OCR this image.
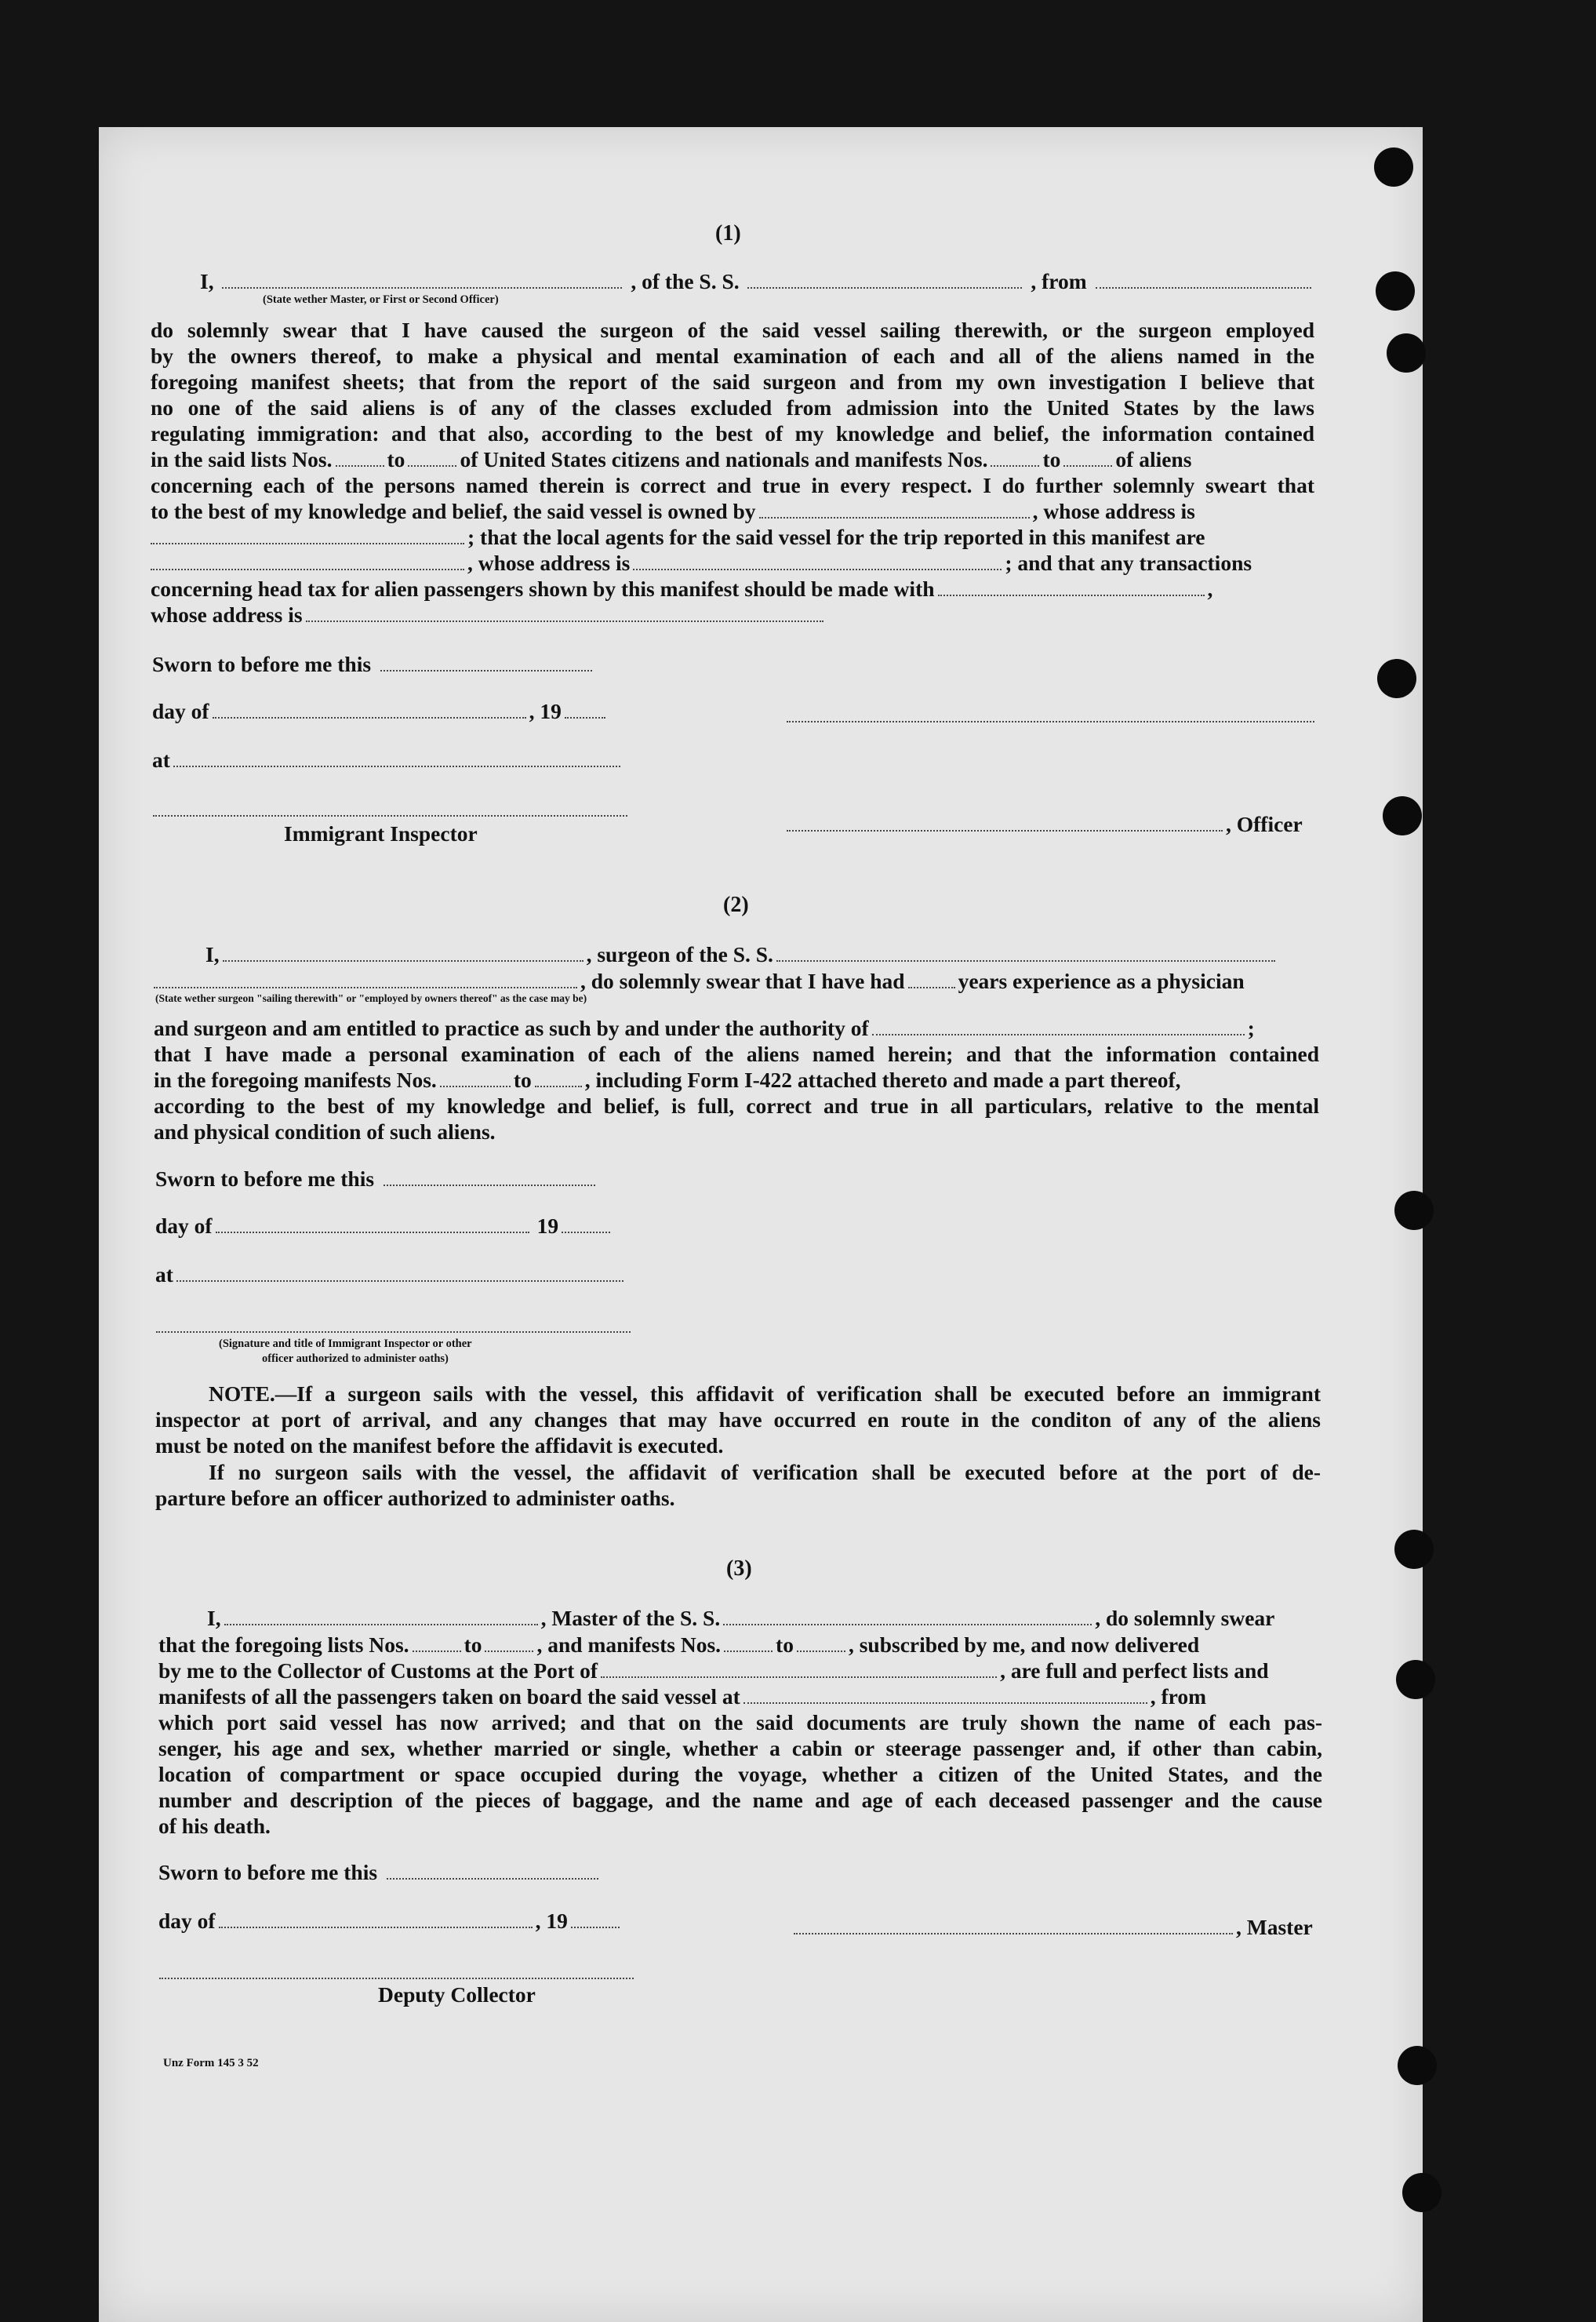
(1)
I,	, of the S. S.	, from
(State wether Master, or First or Second Officer)
do solemnly swear that I have caused the surgeon of the said vessel sailing therewith, or the surgeon employed
by the owners thereof, to make a physical and mental examination of each and all of the aliens named in the
foregoing manifest sheets; that from the report of the said surgeon and from my own investigation I believe that
no one of the said aliens is of any of the classes excluded from admission into the United States by the laws
regulating immigration: and that also, according to the best of my knowledge and belief, the information contained
in the said lists Nos.	to	of United States citizens and nationals and manifests Nos.	to	of aliens
concerning each of the persons named therein is correct and true in every respect. I do further solemnly sweart that
to the best of my knowledge and belief, the said vessel is owned by	, whose address is
; that the local agents for the said vessel for the trip reported in this manifest are
, whose address is	; and that any transactions
concerning head tax for alien passengers shown by this manifest should be made with	,
whose address is
Sworn to before me this
day of	, 19
at
Immigrant Inspector	, Officer
(2)
I,	, surgeon of the S. S.
, do solemnly swear that I have had years experience as a physician
(State wether surgeon "sailing therewith" or "employed by owners thereof" as the case may be)
and surgeon and am entitled to practice as such by and under the authority of	;
that I have made a personal examination of each of the aliens named herein; and that the information contained
in the foregoing manifests Nos.	to , including Form I-422 attached thereto and made a part thereof,
according to the best of my knowledge and belief, is full, correct and true in all particulars, relative to the mental
and physical condition of such aliens.
Sworn to before me this
day of	19
at
(Signature and title of Immigrant Inspector or other
officer authorized to administer oaths)
NOTE.—If a surgeon sails with the vessel, this affidavit of verification shall be executed before an immigrant
inspector at port of arrival, and any changes that may have occurred en route in the conditon of any of the aliens
must be noted on the manifest before the affidavit is executed.
If no surgeon sails with the vessel, the affidavit of verification shall be executed before at the port of de-
parture before an officer authorized to administer oaths.
(3)
I,	, Master of the S. S.	, do solemnly swear
that the foregoing lists Nos.	to	, and manifests Nos.	to	, subscribed by me, and now delivered
by me to the Collector of Customs at the Port of	, are full and perfect lists and
manifests of all the passengers taken on board the said vessel at	, from
which port said vessel has now arrived; and that on the said documents are truly shown the name of each pas-
senger, his age and sex, whether married or single, whether a cabin or steerage passenger and, if other than cabin,
location of compartment or space occupied during the voyage, whether a citizen of the United States, and the
number and description of the pieces of baggage, and the name and age of each deceased passenger and the cause
of his death.
Sworn to before me this
day of	, 19	, Master
Deputy Collector
Unz Form 145 3 52
